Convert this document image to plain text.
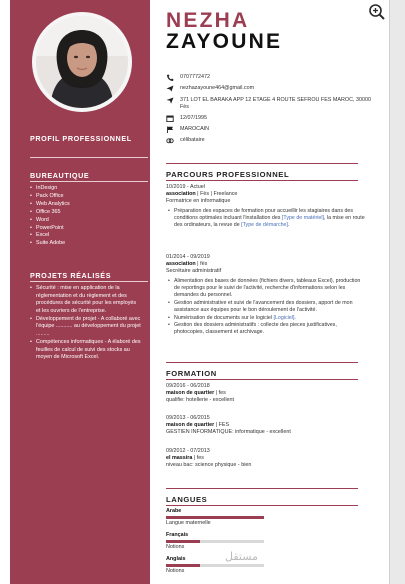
PROFIL PROFESSIONNEL
BUREAUTIQUE
• InDesign
• Pack Office
• Web Analytics
• Office 365
• Word
• PowerPoint
• Excel
• Suite Adobe
PROJETS RÉALISÉS
• Sécurité : mise en application de la réglementation et du règlement et des procédures de sécurité pour les employés et les ouvriers de l'entreprise.
• Développement de projet - A collaboré avec l'équipe ........... au développement du projet .........
• Compétences informatiques - A élaboré des feuilles de calcul de suivi des stocks au moyen de Microsoft Excel.
NEZHA
ZAYOUNE
0707772472
nezhazayoune464@gmail.com
371 LOT EL BARAKA APP 12 ETAGE 4 ROUTE SEFROU FES MAROC, 30000 Fès
12/07/1995
MAROCAIN
célibataire
PARCOURS PROFESSIONNEL
10/2019 - Actuel
association | Fès | Freelance
Formatrice en informatique
• Préparation des espaces de formation pour accueillir les stagiaires dans des conditions optimales incluant l'installation des [Type de matériel], la mise en route des ordinateurs, la revue de [Type de démarche].
01/2014 - 09/2019
association | fès
Secrétaire administratif
• Alimentation des bases de données (fichiers divers, tableaux Excel), production de reportings pour le suivi de l'activité, recherche d'informations selon les demandes du personnel.
• Gestion administrative et suivi de l'avancement des dossiers, apport de mon assistance aux équipes pour le bon déroulement de l'activité.
• Numérisation de documents sur le logiciel [Logiciel].
• Gestion des dossiers administratifs : collecte des pieces justificatives, photocopies, classement et archivage.
FORMATION
09/2016 - 06/2018
maison de quartier | fes
qualifie: hotellerie - excellent
09/2013 - 06/2015
maison de quartier | FES
GESTIEN INFORMATIQUE: informatique - excellent
09/2012 - 07/2013
el massira | fes
niveau bac: science physique - bien
LANGUES
Arabe
Langue maternelle
Français
Notions
Anglais
Notions
مستقل
